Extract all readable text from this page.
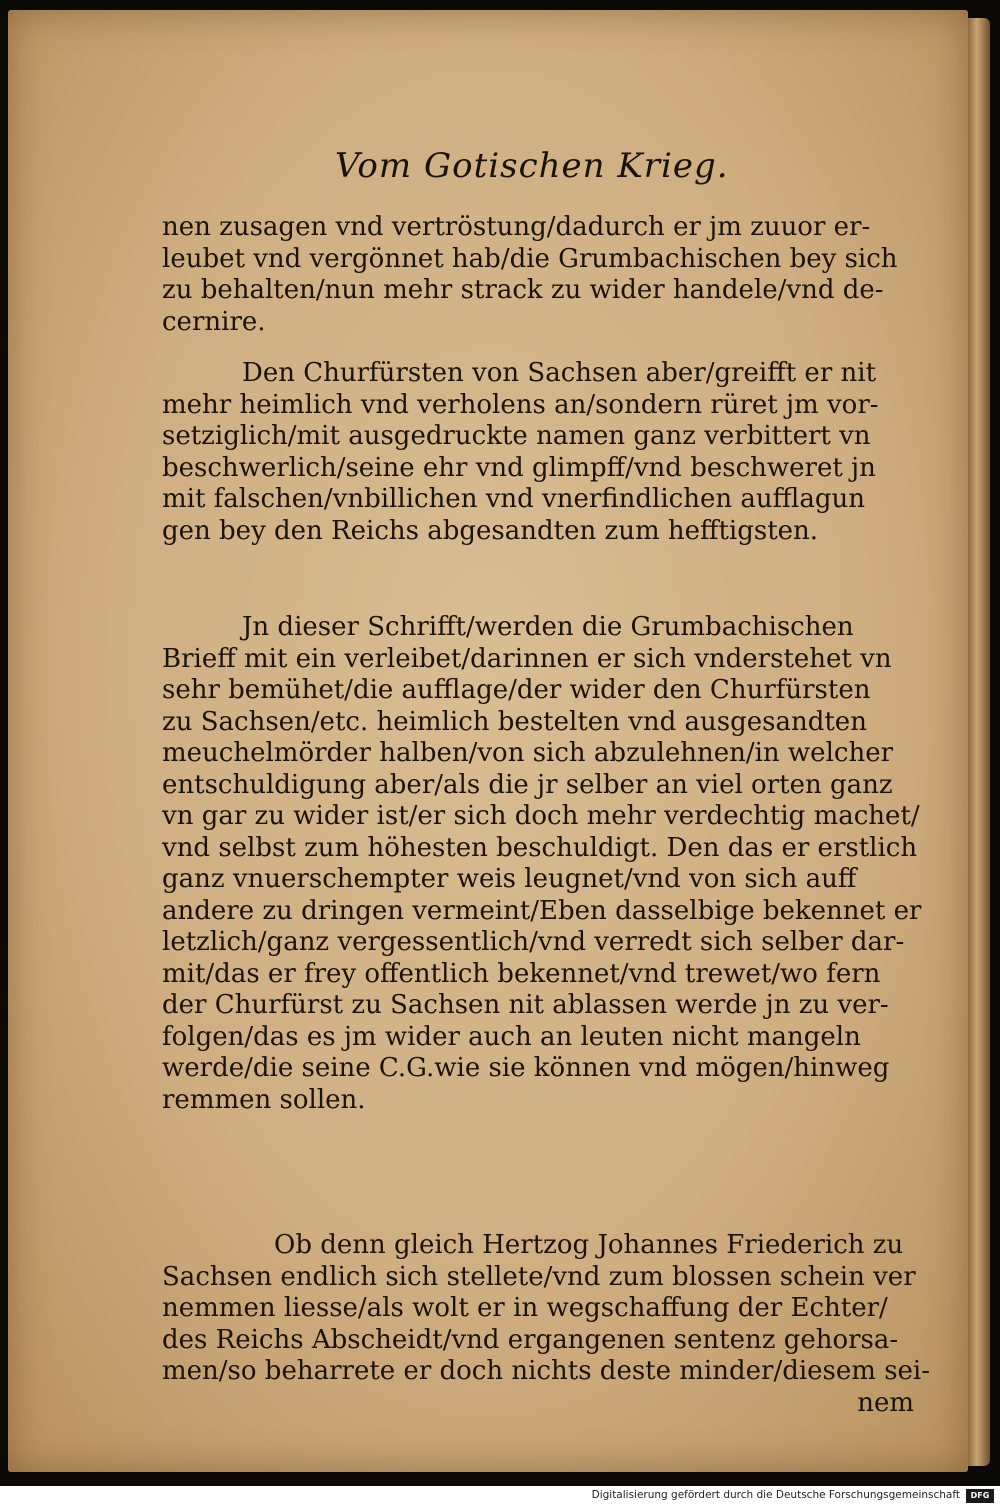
Vom Gotischen Krieg.
nen zusagen vnd vertröstung/dadurch er jm zuuor er-
leubet vnd vergönnet hab/die Grumbachischen bey sich
zu behalten/nun mehr strack zu wider handele/vnd de-
cernire.
Den Churfürsten von Sachsen aber/greifft er nit
mehr heimlich vnd verholens an/sondern rüret jm vor-
setziglich/mit ausgedruckte namen ganz verbittert vn
beschwerlich/seine ehr vnd glimpff/vnd beschweret jn
mit falschen/vnbillichen vnd vnerfindlichen aufflagun
gen bey den Reichs abgesandten zum hefftigsten.
Jn dieser Schrifft/werden die Grumbachischen
Brieff mit ein verleibet/darinnen er sich vnderstehet vn
sehr bemühet/die aufflage/der wider den Churfürsten
zu Sachsen/etc. heimlich bestelten vnd ausgesandten
meuchelmörder halben/von sich abzulehnen/in welcher
entschuldigung aber/als die jr selber an viel orten ganz
vn gar zu wider ist/er sich doch mehr verdechtig machet/
vnd selbst zum höhesten beschuldigt. Den das er erstlich
ganz vnuerschempter weis leugnet/vnd von sich auff
andere zu dringen vermeint/Eben dasselbige bekennet er
letzlich/ganz vergessentlich/vnd verredt sich selber dar-
mit/das er frey offentlich bekennet/vnd trewet/wo fern
der Churfürst zu Sachsen nit ablassen werde jn zu ver-
folgen/das es jm wider auch an leuten nicht mangeln
werde/die seine C.G.wie sie können vnd mögen/hinweg
remmen sollen.
Ob denn gleich Hertzog Johannes Friederich zu
Sachsen endlich sich stellete/vnd zum blossen schein ver
nemmen liesse/als wolt er in wegschaffung der Echter/
des Reichs Abscheidt/vnd ergangenen sentenz gehorsa-
men/so beharrete er doch nichts deste minder/diesem sei-
nem
Digitalisierung gefördert durch die Deutsche Forschungsgemeinschaft	DFG
